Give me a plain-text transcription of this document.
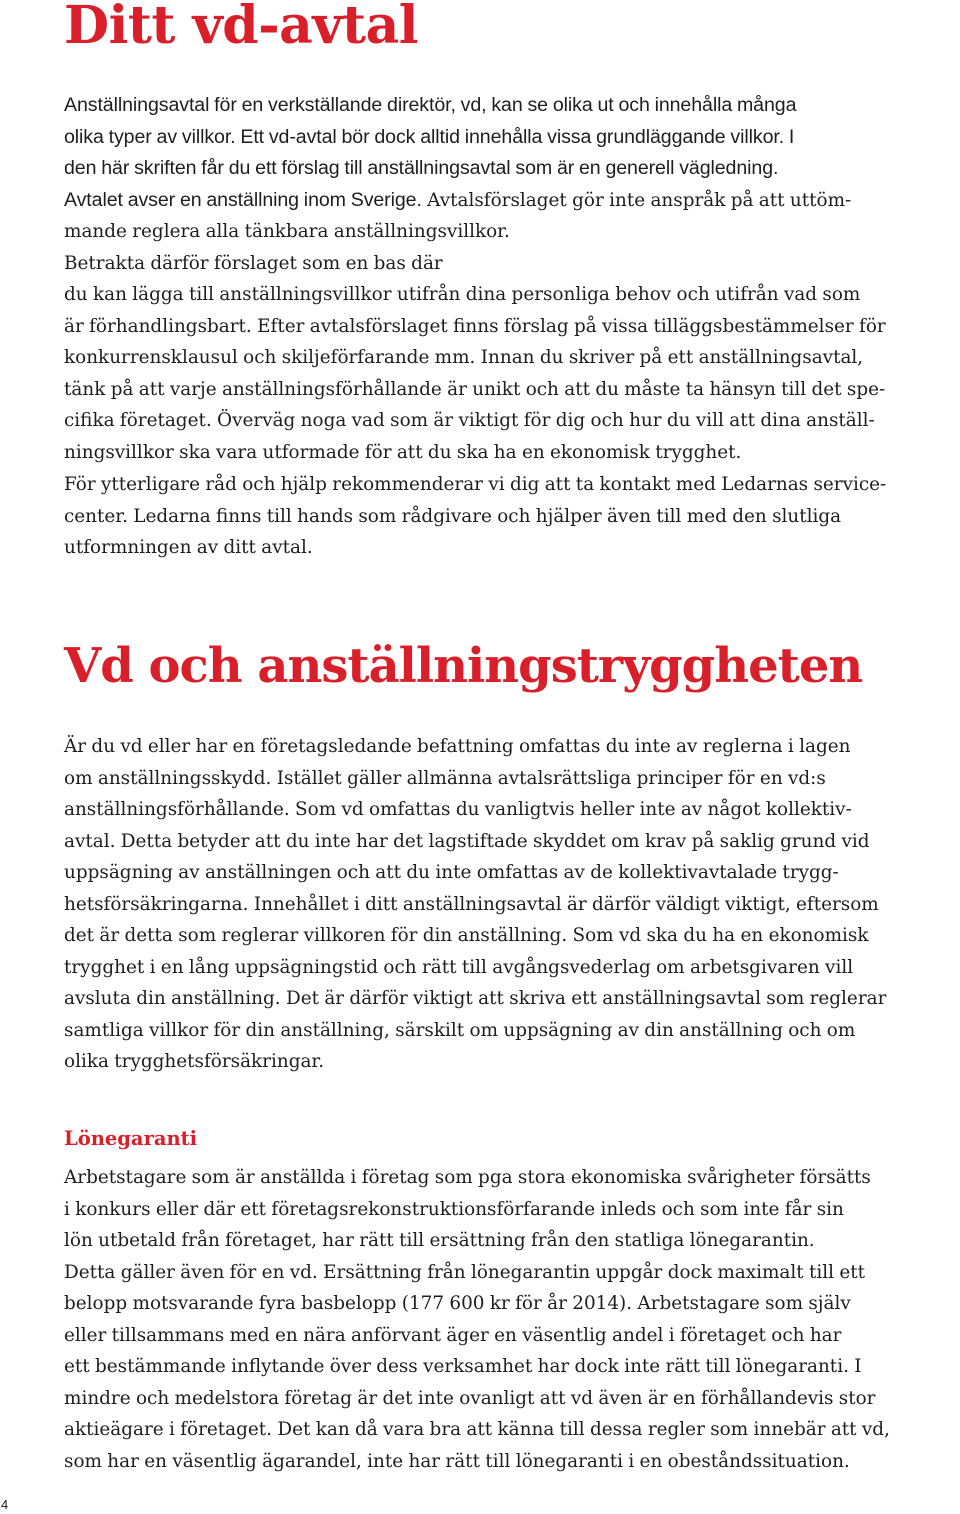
Ditt vd-avtal

Anställningsavtal för en verkställande direktör, vd, kan se olika ut och innehålla många
olika typer av villkor. Ett vd-avtal bör dock alltid innehålla vissa grundläggande villkor. I
den här skriften får du ett förslag till anställningsavtal som är en generell vägledning.
Avtalet avser en anställning inom Sverige. Avtalsförslaget gör inte anspråk på att uttöm-
mande reglera alla tänkbara anställningsvillkor.
Betrakta därför förslaget som en bas där
du kan lägga till anställningsvillkor utifrån dina personliga behov och utifrån vad som
är förhandlingsbart. Efter avtalsförslaget finns förslag på vissa tilläggsbestämmelser för
konkurrensklausul och skiljeförfarande mm. Innan du skriver på ett anställningsavtal,
tänk på att varje anställningsförhållande är unikt och att du måste ta hänsyn till det spe-
cifika företaget. Överväg noga vad som är viktigt för dig och hur du vill att dina anställ-
ningsvillkor ska vara utformade för att du ska ha en ekonomisk trygghet.

För ytterligare råd och hjälp rekommenderar vi dig att ta kontakt med Ledarnas service-
center. Ledarna finns till hands som rådgivare och hjälper även till med den slutliga
utformningen av ditt avtal.

Vd och anställningstryggheten

Är du vd eller har en företagsledande befattning omfattas du inte av reglerna i lagen
om anställningsskydd. Istället gäller allmänna avtalsrättsliga principer för en vd:s
anställningsförhållande. Som vd omfattas du vanligtvis heller inte av något kollektiv-
avtal. Detta betyder att du inte har det lagstiftade skyddet om krav på saklig grund vid
uppsägning av anställningen och att du inte omfattas av de kollektivavtalade trygg-
hetsförsäkringarna. Innehållet i ditt anställningsavtal är därför väldigt viktigt, eftersom
det är detta som reglerar villkoren för din anställning. Som vd ska du ha en ekonomisk
trygghet i en lång uppsägningstid och rätt till avgångsvederlag om arbetsgivaren vill
avsluta din anställning. Det är därför viktigt att skriva ett anställningsavtal som reglerar
samtliga villkor för din anställning, särskilt om uppsägning av din anställning och om
olika trygghetsförsäkringar.

Lönegaranti

Arbetstagare som är anställda i företag som pga stora ekonomiska svårigheter försätts
i konkurs eller där ett företagsrekonstruktionsförfarande inleds och som inte får sin
lön utbetald från företaget, har rätt till ersättning från den statliga lönegarantin.
Detta gäller även för en vd. Ersättning från lönegarantin uppgår dock maximalt till ett
belopp motsvarande fyra basbelopp (177 600 kr för år 2014). Arbetstagare som själv
eller tillsammans med en nära anförvant äger en väsentlig andel i företaget och har
ett bestämmande inflytande över dess verksamhet har dock inte rätt till lönegaranti. I
mindre och medelstora företag är det inte ovanligt att vd även är en förhållandevis stor
aktieägare i företaget. Det kan då vara bra att känna till dessa regler som innebär att vd,
som har en väsentlig ägarandel, inte har rätt till lönegaranti i en obeståndssituation.

4
